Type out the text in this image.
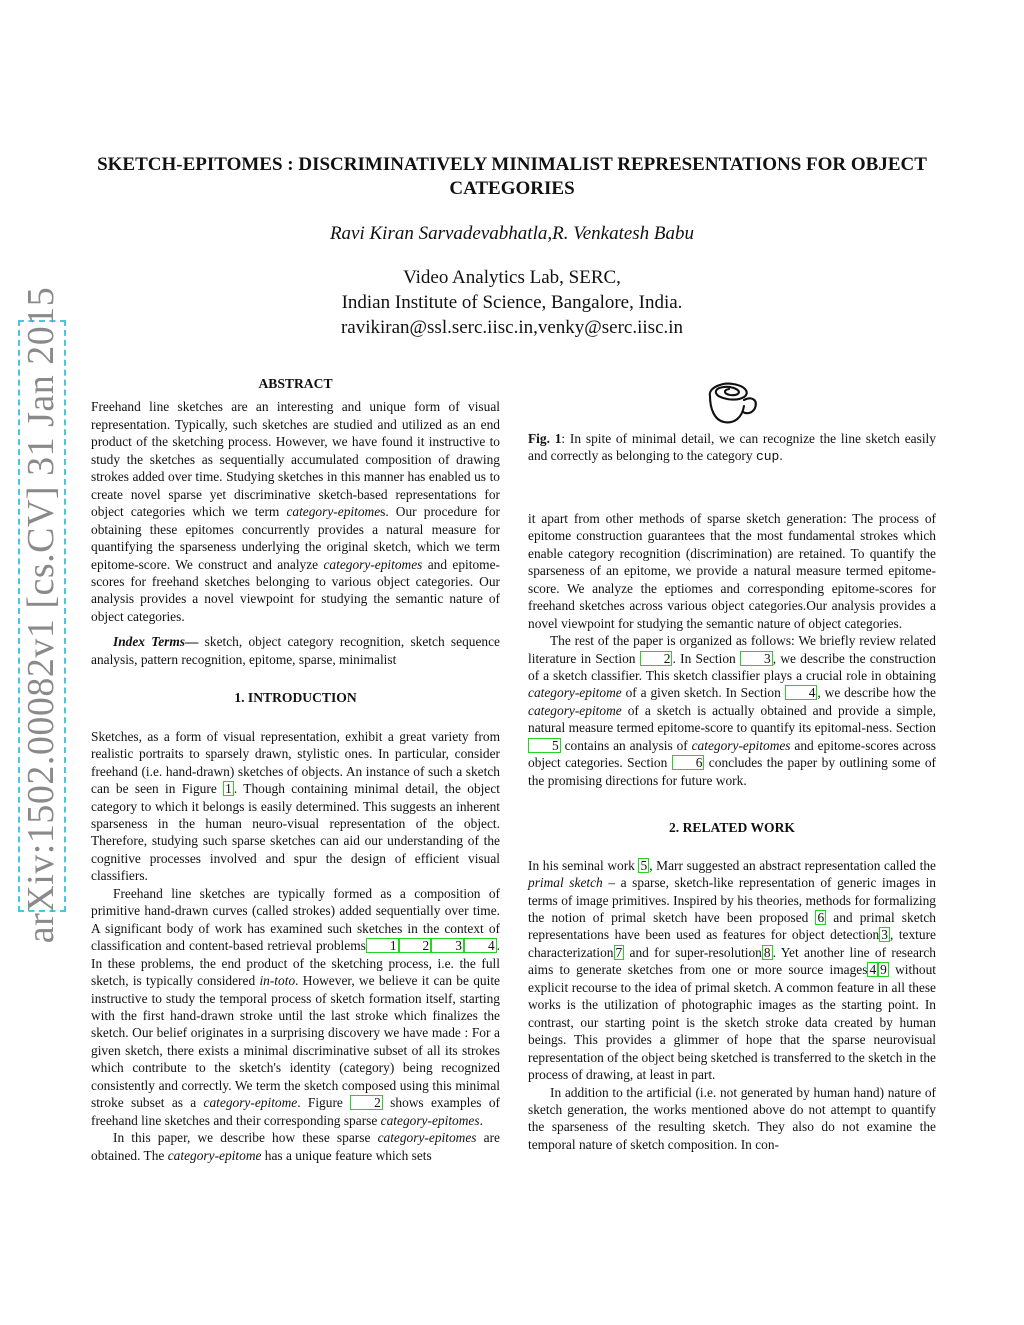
arXiv:1502.00082v1 [cs.CV] 31 Jan 2015
SKETCH-EPITOMES : DISCRIMINATIVELY MINIMALIST REPRESENTATIONS FOR OBJECT CATEGORIES
Ravi Kiran Sarvadevabhatla,R. Venkatesh Babu
Video Analytics Lab, SERC,
Indian Institute of Science, Bangalore, India.
ravikiran@ssl.serc.iisc.in,venky@serc.iisc.in

ABSTRACT

Freehand line sketches are an interesting and unique form of visual representation. Typically, such sketches are studied and utilized as an end product of the sketching process. However, we have found it instructive to study the sketches as sequentially accumulated composition of drawing strokes added over time. Studying sketches in this manner has enabled us to create novel sparse yet discriminative sketch-based representations for object categories which we term category-epitomes. Our procedure for obtaining these epitomes concurrently provides a natural measure for quantifying the sparseness underlying the original sketch, which we term epitome-score. We construct and analyze category-epitomes and epitome-scores for freehand sketches belonging to various object categories. Our analysis provides a novel viewpoint for studying the semantic nature of object categories.

Index Terms— sketch, object category recognition, sketch sequence analysis, pattern recognition, epitome, sparse, minimalist

1. INTRODUCTION

Sketches, as a form of visual representation, exhibit a great variety from realistic portraits to sparsely drawn, stylistic ones. In particular, consider freehand (i.e. hand-drawn) sketches of objects. An instance of such a sketch can be seen in Figure 1 . Though containing minimal detail, the object category to which it belongs is easily determined. This suggests an inherent sparseness in the human neuro-visual representation of the object. Therefore, studying such sparse sketches can aid our understanding of the cognitive processes involved and spur the design of efficient visual classifiers.

Freehand line sketches are typically formed as a composition of primitive hand-drawn curves (called strokes) added sequentially over time. A significant body of work has examined such sketches in the context of classification and content-based retrieval problems 1 2 3 4 . In these problems, the end product of the sketching process, i.e. the full sketch, is typically considered in-toto. However, we believe it can be quite instructive to study the temporal process of sketch formation itself, starting with the first hand-drawn stroke until the last stroke which finalizes the sketch. Our belief originates in a surprising discovery we have made : For a given sketch, there exists a minimal discriminative subset of all its strokes which contribute to the sketch's identity (category) being recognized consistently and correctly. We term the sketch composed using this minimal stroke subset as a category-epitome. Figure 2 shows examples of freehand line sketches and their corresponding sparse category-epitomes.

In this paper, we describe how these sparse category-epitomes are obtained. The category-epitome has a unique feature which sets

Fig. 1: In spite of minimal detail, we can recognize the line sketch easily and correctly as belonging to the category cup.

it apart from other methods of sparse sketch generation: The process of epitome construction guarantees that the most fundamental strokes which enable category recognition (discrimination) are retained. To quantify the sparseness of an epitome, we provide a natural measure termed epitome-score. We analyze the eptiomes and corresponding epitome-scores for freehand sketches across various object categories.Our analysis provides a novel viewpoint for studying the semantic nature of object categories.

The rest of the paper is organized as follows: We briefly review related literature in Section 2 . In Section 3 , we describe the construction of a sketch classifier. This sketch classifier plays a crucial role in obtaining category-epitome of a given sketch. In Section 4 , we describe how the category-epitome of a sketch is actually obtained and provide a simple, natural measure termed epitome-score to quantify its epitomal-ness. Section 5 contains an analysis of category-epitomes and epitome-scores across object categories. Section 6 concludes the paper by outlining some of the promising directions for future work.

2. RELATED WORK

In his seminal work 5 , Marr suggested an abstract representation called the primal sketch – a sparse, sketch-like representation of generic images in terms of image primitives. Inspired by his theories, methods for formalizing the notion of primal sketch have been proposed 6 and primal sketch representations have been used as features for object detection 3 , texture characterization 7 and for super-resolution 8 . Yet another line of research aims to generate sketches from one or more source images 4 9 without explicit recourse to the idea of primal sketch. A common feature in all these works is the utilization of photographic images as the starting point. In contrast, our starting point is the sketch stroke data created by human beings. This provides a glimmer of hope that the sparse neurovisual representation of the object being sketched is transferred to the sketch in the process of drawing, at least in part.

In addition to the artificial (i.e. not generated by human hand) nature of sketch generation, the works mentioned above do not attempt to quantify the sparseness of the resulting sketch. They also do not examine the temporal nature of sketch composition. In con-
